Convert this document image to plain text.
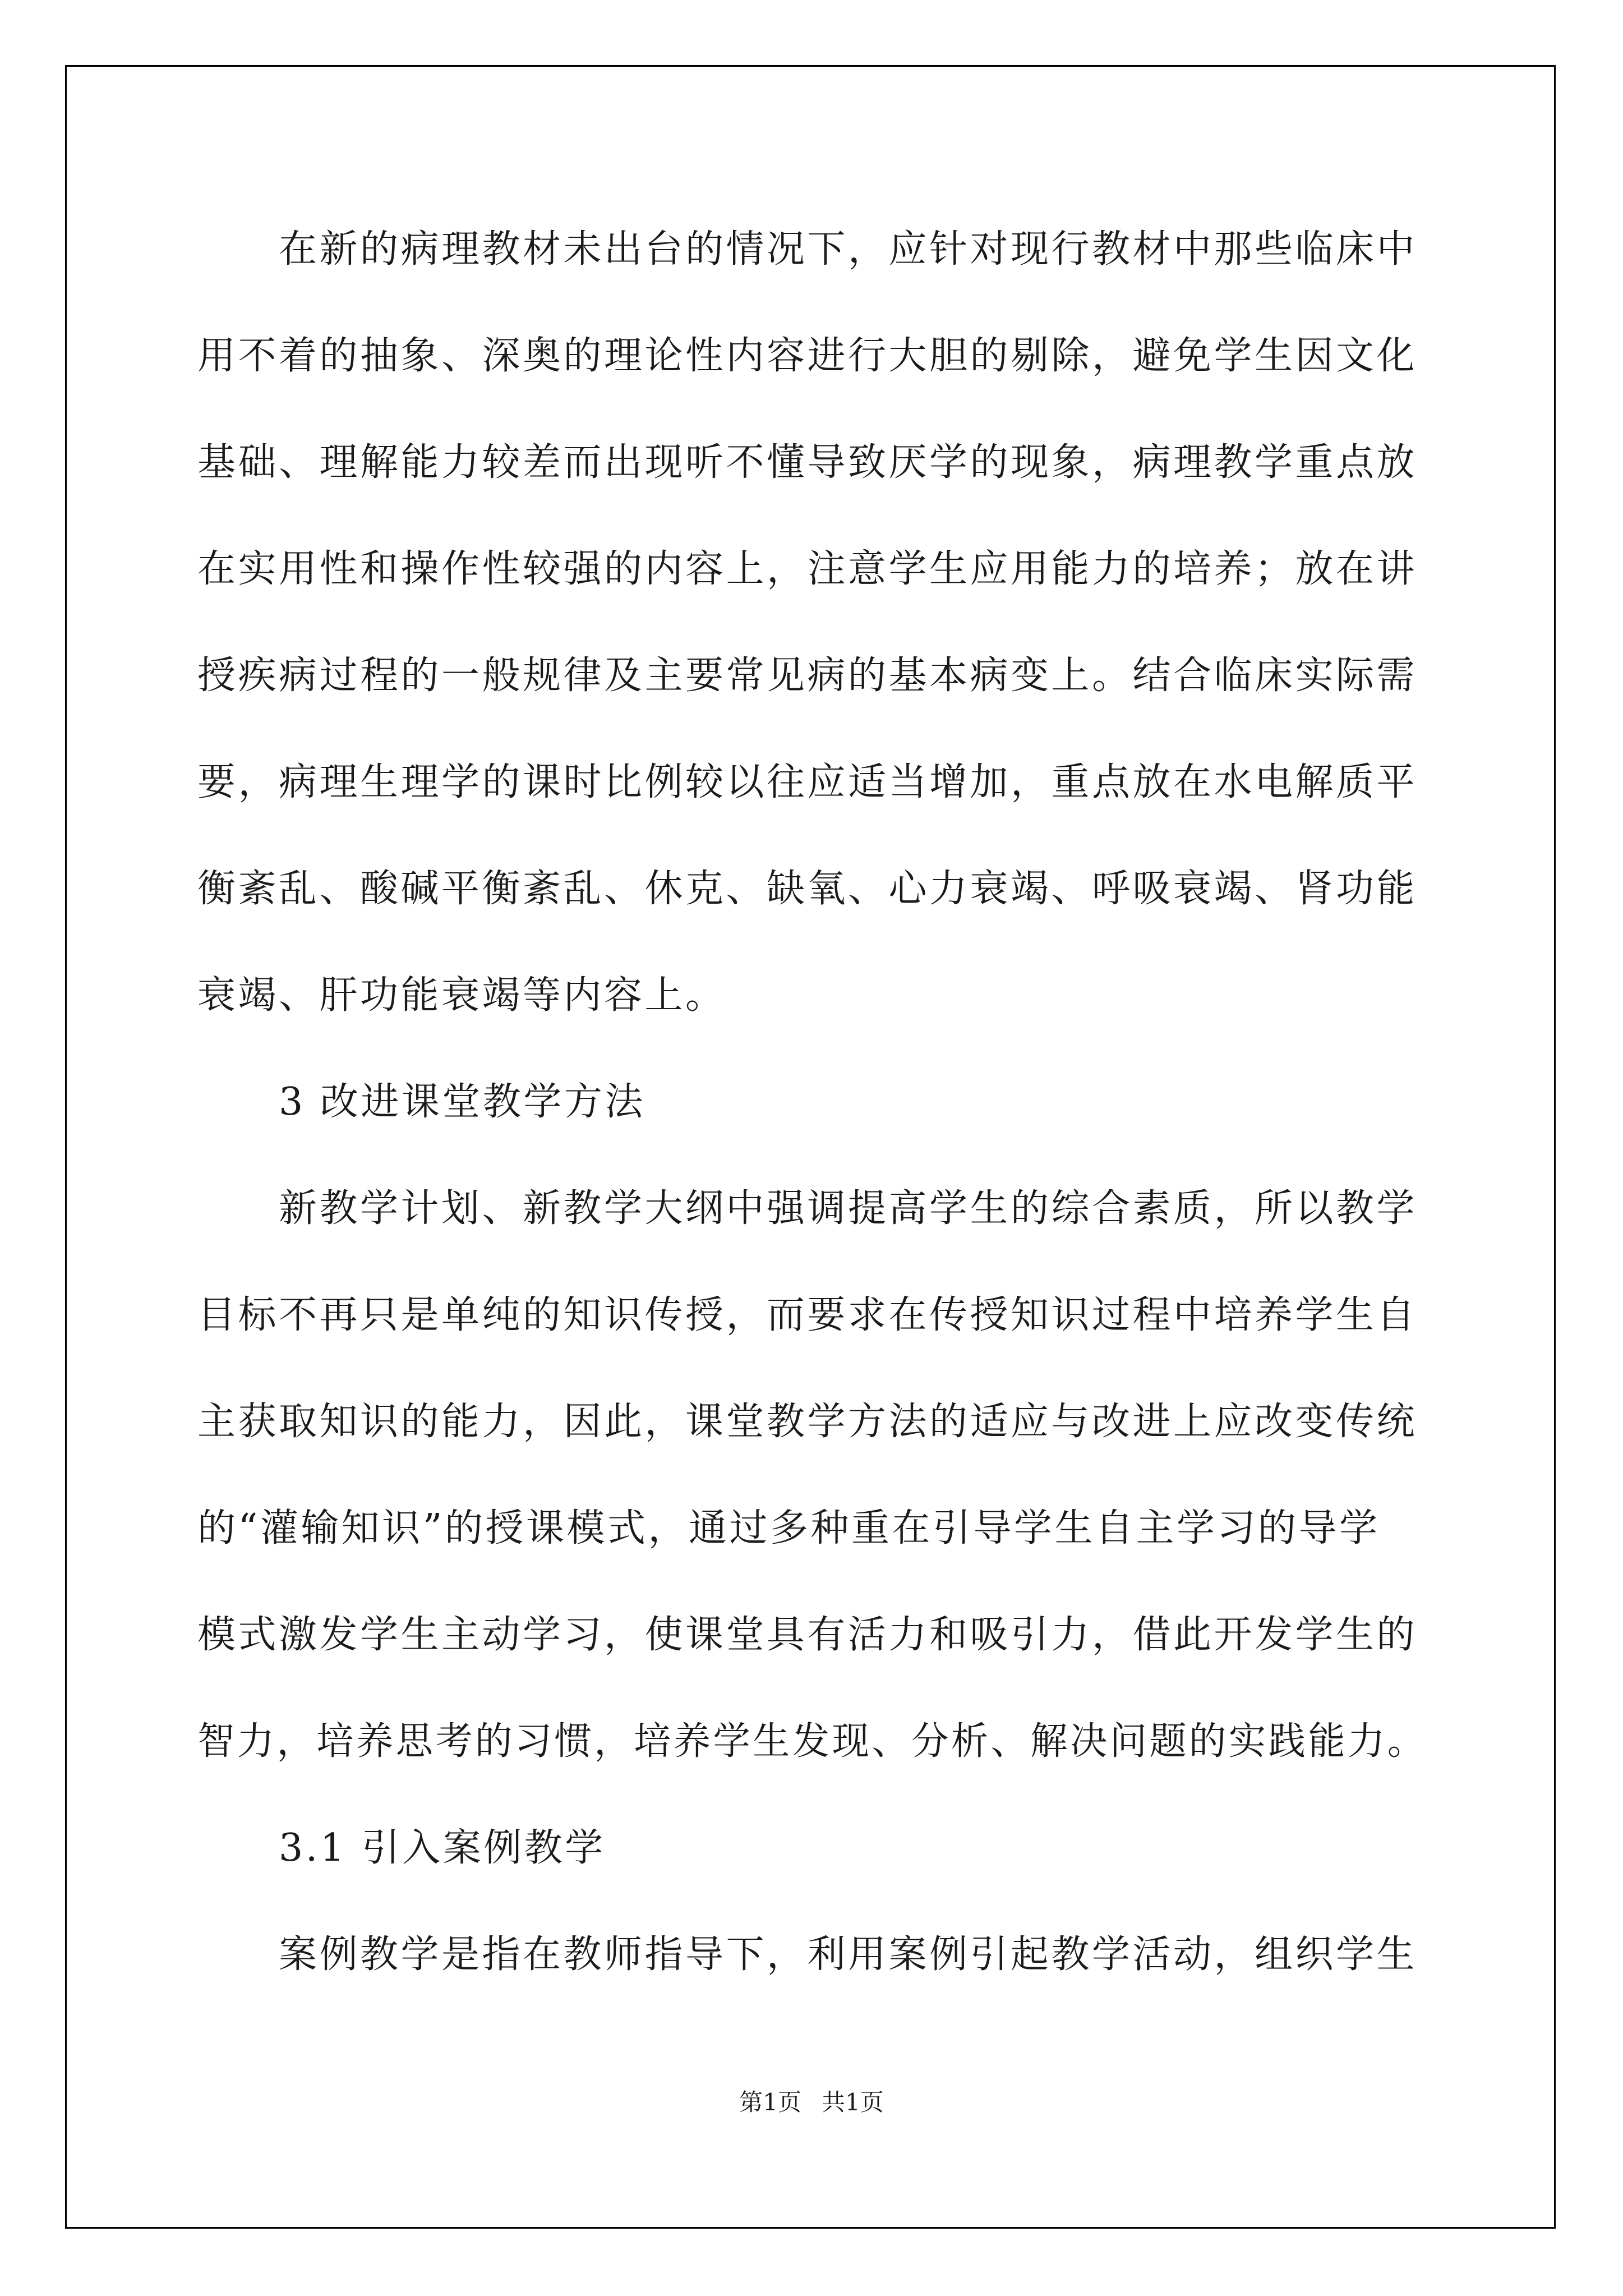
在新的病理教材未出台的情况下，应针对现行教材中那些临床中
用不着的抽象、深奥的理论性内容进行大胆的剔除，避免学生因文化
基础、理解能力较差而出现听不懂导致厌学的现象，病理教学重点放
在实用性和操作性较强的内容上，注意学生应用能力的培养；放在讲
授疾病过程的一般规律及主要常见病的基本病变上。结合临床实际需
要，病理生理学的课时比例较以往应适当增加，重点放在水电解质平
衡紊乱、酸碱平衡紊乱、休克、缺氧、心力衰竭、呼吸衰竭、肾功能
衰竭、肝功能衰竭等内容上。
3 改进课堂教学方法
新教学计划、新教学大纲中强调提高学生的综合素质，所以教学
目标不再只是单纯的知识传授，而要求在传授知识过程中培养学生自
主获取知识的能力，因此，课堂教学方法的适应与改进上应改变传统
的“灌输知识”的授课模式，通过多种重在引导学生自主学习的导学
模式激发学生主动学习，使课堂具有活力和吸引力，借此开发学生的
智力，培养思考的习惯，培养学生发现、分析、解决问题的实践能力。
3.1 引入案例教学
案例教学是指在教师指导下，利用案例引起教学活动，组织学生
第1页 共1页
